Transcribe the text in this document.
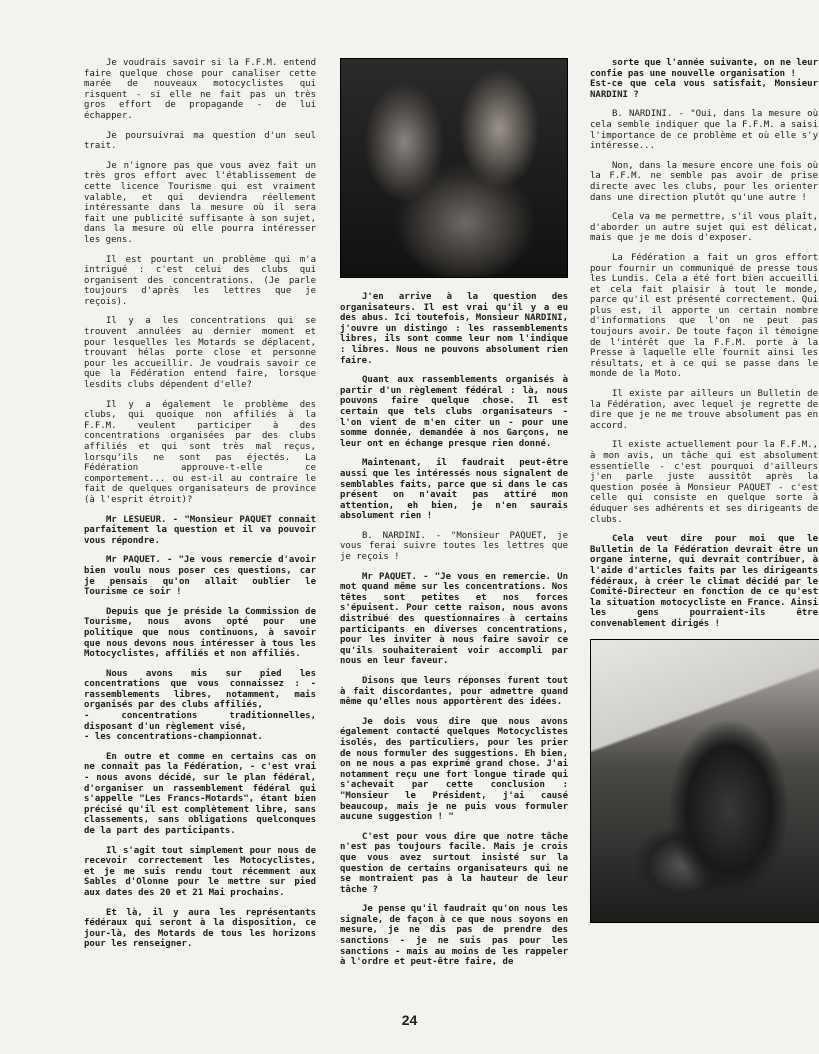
Je voudrais savoir si la F.F.M. entend faire quelque chose pour canaliser cette marée de nouveaux motocyclistes qui risquent - si elle ne fait pas un très gros effort de propagande - de lui échapper.

Je poursuivrai ma question d'un seul trait.

Je n'ignore pas que vous avez fait un très gros effort avec l'établissement de cette licence Tourisme qui est vraiment valable, et qui deviendra réellement intéressante dans la mesure où il sera fait une publicité suffisante à son sujet, dans la mesure où elle pourra intéresser les gens.

Il est pourtant un problème qui m'a intrigué : c'est celui des clubs qui organisent des concentrations. (Je parle toujours d'après les lettres que je reçois).

Il y a les concentrations qui se trouvent annulées au dernier moment et pour lesquelles les Motards se déplacent, trouvant hélas porte close et personne pour les accueillir. Je voudrais savoir ce que la Fédération entend faire, lorsque lesdits clubs dépendent d'elle?

Il y a également le problème des clubs, qui quoique non affiliés à la F.F.M. veulent participer à des concentrations organisées par des clubs affiliés et qui sont très mal reçus, lorsqu'ils ne sont pas éjectés. La Fédération approuve-t-elle ce comportement... ou est-il au contraire le fait de quelques organisateurs de province (à l'esprit étroit)?

Mr LESUEUR. - "Monsieur PAQUET connait parfaitement la question et il va pouvoir vous répondre.

Mr PAQUET. - "Je vous remercie d'avoir bien voulu nous poser ces questions, car je pensais qu'on allait oublier le Tourisme ce soir !

Depuis que je préside la Commission de Tourisme, nous avons opté pour une politique que nous continuons, à savoir que nous devons nous intéresser à tous les Motocyclistes, affiliés et non affiliés.

Nous avons mis sur pied les concentrations que vous connaissez : - rassemblements libres, notamment, mais organisés par des clubs affiliés,
- concentrations traditionnelles, disposant d'un règlement visé,
- les concentrations-championnat.

En outre et comme en certains cas on ne connait pas la Fédération, - c'est vrai - nous avons décidé, sur le plan fédéral, d'organiser un rassemblement fédéral qui s'appelle "Les Francs-Motards", étant bien précisé qu'il est complètement libre, sans classements, sans obligations quelconques de la part des participants.

Il s'agit tout simplement pour nous de recevoir correctement les Motocyclistes, et je me suis rendu tout récemment aux Sables d'Olonne pour le mettre sur pied aux dates des 20 et 21 Mai prochains.

Et là, il y aura les représentants fédéraux qui seront à la disposition, ce jour-là, des Motards de tous les horizons pour les renseigner.

J'en arrive à la question des organisateurs. Il est vrai qu'il y a eu des abus. Ici toutefois, Monsieur NARDINI, j'ouvre un distingo : les rassemblements libres, ils sont comme leur nom l'indique : libres. Nous ne pouvons absolument rien faire.

Quant aux rassemblements organisés à partir d'un règlement fédéral : là, nous pouvons faire quelque chose. Il est certain que tels clubs organisateurs - l'on vient de m'en citer un - pour une somme donnée, demandée à nos Garçons, ne leur ont en échange presque rien donné.

Maintenant, il faudrait peut-être aussi que les intéressés nous signalent de semblables faits, parce que si dans le cas présent on n'avait pas attiré mon attention, eh bien, je n'en saurais absolument rien !

B. NARDINI. - "Monsieur PAQUET, je vous ferai suivre toutes les lettres que je reçois !

Mr PAQUET. - "Je vous en remercie. Un mot quand même sur les concentrations. Nos têtes sont petites et nos forces s'épuisent. Pour cette raison, nous avons distribué des questionnaires à certains participants en diverses concentrations, pour les inviter à nous faire savoir ce qu'ils souhaiteraient voir accompli par nous en leur faveur.

Disons que leurs réponses furent tout à fait discordantes, pour admettre quand même qu'elles nous apportèrent des idées.

Je dois vous dire que nous avons également contacté quelques Motocyclistes isolés, des particuliers, pour les prier de nous formuler des suggestions. Eh bien, on ne nous a pas exprimé grand chose. J'ai notamment reçu une fort longue tirade qui s'achevait par cette conclusion : "Monsieur le Président, j'ai causé beaucoup, mais je ne puis vous formuler aucune suggestion ! "

C'est pour vous dire que notre tâche n'est pas toujours facile. Mais je crois que vous avez surtout insisté sur la question de certains organisateurs qui ne se montraient pas à la hauteur de leur tâche ?

Je pense qu'il faudrait qu'on nous les signale, de façon à ce que nous soyons en mesure, je ne dis pas de prendre des sanctions - je ne suis pas pour les sanctions - mais au moins de les rappeler à l'ordre et peut-être faire, de

sorte que l'année suivante, on ne leur confie pas une nouvelle organisation !
Est-ce que cela vous satisfait, Monsieur NARDINI ?

B. NARDINI. - "Oui, dans la mesure où cela semble indiquer que la F.F.M. a saisi l'importance de ce problème et où elle s'y intéresse...

Non, dans la mesure encore une fois où la F.F.M. ne semble pas avoir de prise directe avec les clubs, pour les orienter dans une direction plutôt qu'une autre !

Cela va me permettre, s'il vous plaît, d'aborder un autre sujet qui est délicat, mais que je me dois d'exposer.

La Fédération a fait un gros effort pour fournir un communiqué de presse tous les Lundis. Cela a été fort bien accueilli et cela fait plaisir à tout le monde, parce qu'il est présenté correctement. Qui plus est, il apporte un certain nombre d'informations que l'on ne peut pas toujours avoir. De toute façon il témoigne de l'intérêt que la F.F.M. porte à la Presse à laquelle elle fournit ainsi les résultats, et à ce qui se passe dans le monde de la Moto.

Il existe par ailleurs un Bulletin de la Fédération, avec lequel je regrette de dire que je ne me trouve absolument pas en accord.

Il existe actuellement pour la F.F.M., à mon avis, un tâche qui est absolument essentielle - c'est pourquoi d'ailleurs j'en parle juste aussitôt après la question posée à Monsieur PAQUET - c'est celle qui consiste en quelque sorte à éduquer ses adhérents et ses dirigeants de clubs.

Cela veut dire pour moi que le Bulletin de la Fédération devrait être un organe interne, qui devrait contribuer, à l'aide d'articles faits par les dirigeants fédéraux, à créer le climat décidé par le Comité-Directeur en fonction de ce qu'est la situation motocycliste en France. Ainsi les gens pourraient-ils être convenablement dirigés !

24
